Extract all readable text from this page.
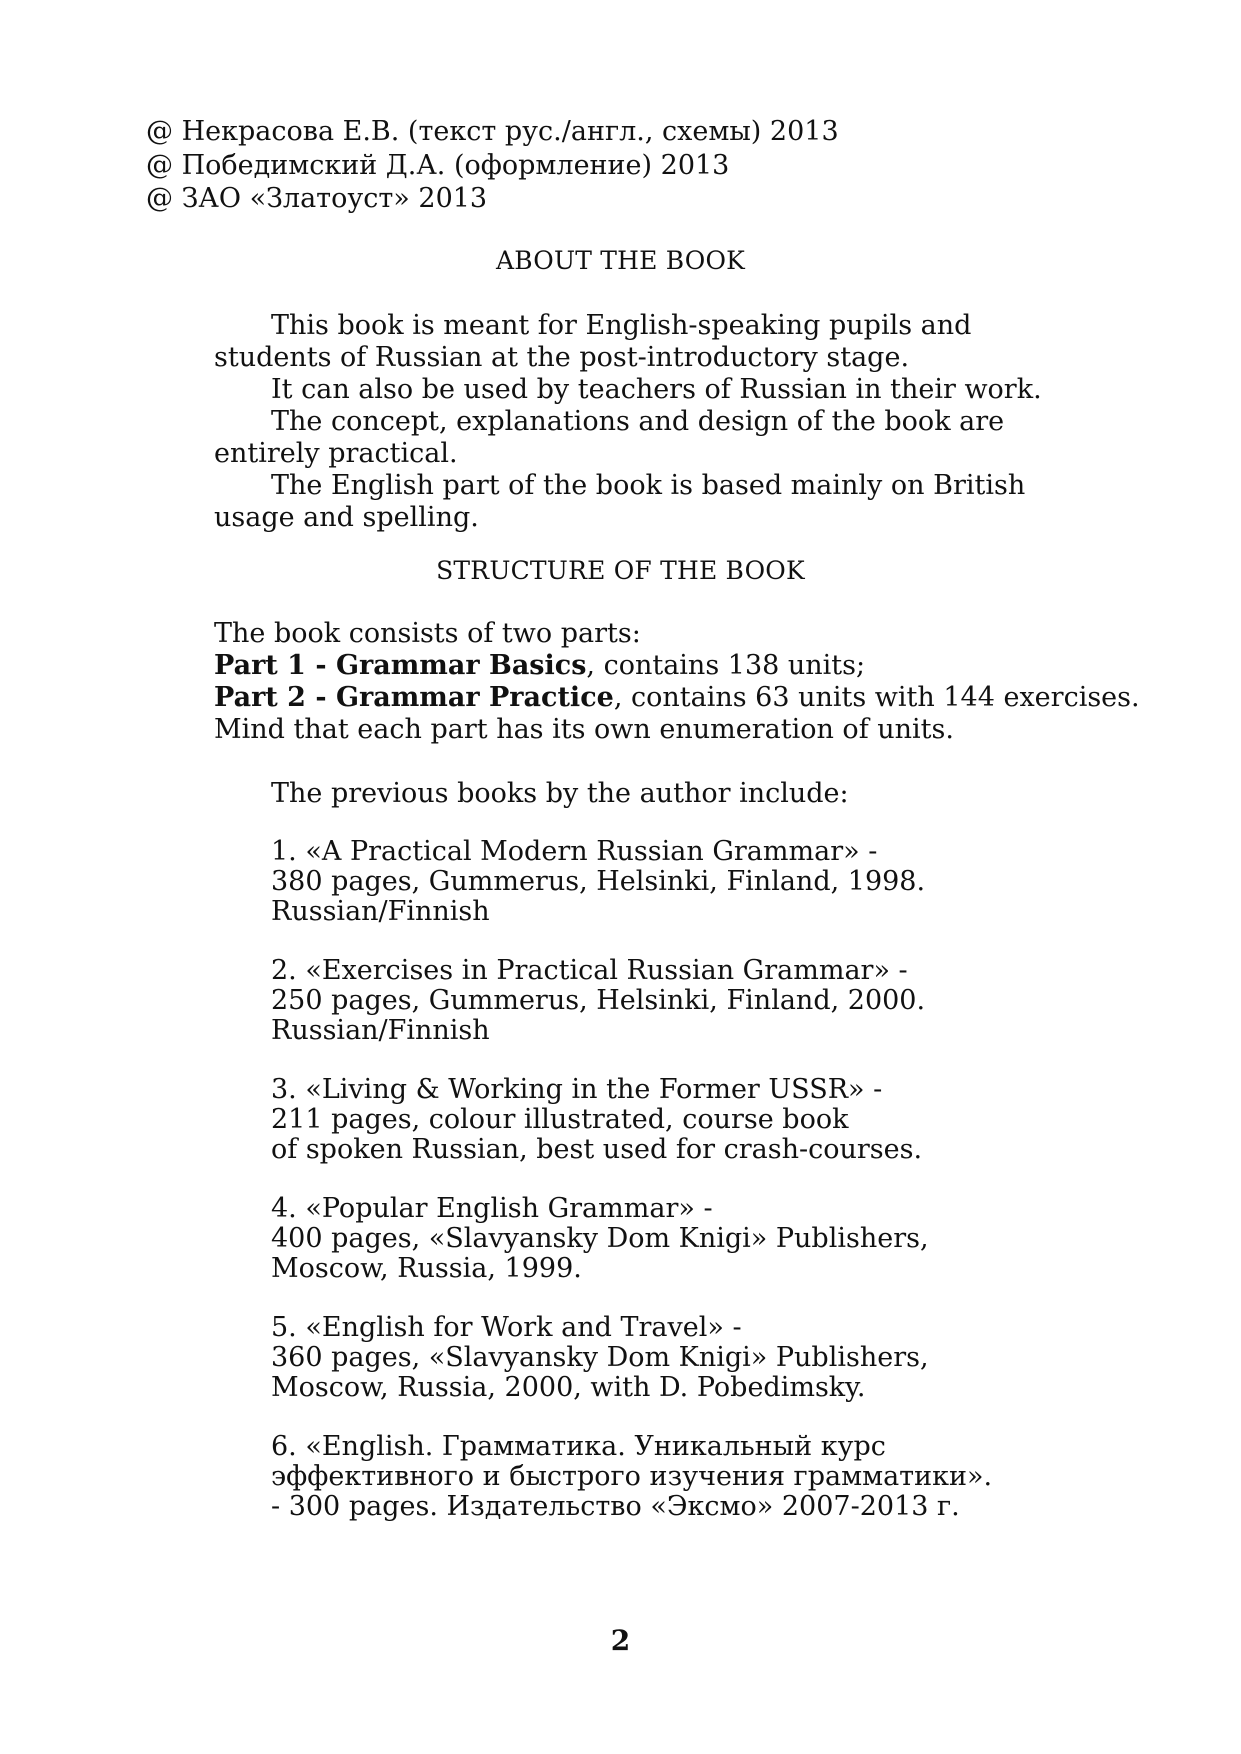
@ Некрасова Е.В. (текст рус./англ., схемы) 2013
@ Победимский Д.А. (оформление) 2013
@ ЗАО «Златоуст» 2013
ABOUT THE BOOK
This book is meant for English-speaking pupils and
students of Russian at the post-introductory stage.
It can also be used by teachers of Russian in their work.
The concept, explanations and design of the book are
entirely practical.
The English part of the book is based mainly on British
usage and spelling.
STRUCTURE OF THE BOOK
The book consists of two parts:
Part 1 - Grammar Basics, contains 138 units;
Part 2 - Grammar Practice, contains 63 units with 144 exercises.
Mind that each part has its own enumeration of units.
The previous books by the author include:
1. «A Practical Modern Russian Grammar» -
380 pages, Gummerus, Helsinki, Finland, 1998.
Russian/Finnish
2. «Exercises in Practical Russian Grammar» -
250 pages, Gummerus, Helsinki, Finland, 2000.
Russian/Finnish
3. «Living & Working in the Former USSR» -
211 pages, colour illustrated, course book
of spoken Russian, best used for crash-courses.
4. «Popular English Grammar» -
400 pages, «Slavyansky Dom Knigi» Publishers,
Moscow, Russia, 1999.
5. «English for Work and Travel» -
360 pages, «Slavyansky Dom Knigi» Publishers,
Moscow, Russia, 2000, with D. Pobedimsky.
6. «English. Грамматика. Уникальный курс
эффективного и быстрого изучения грамматики».
- 300 pages. Издательство «Эксмо» 2007-2013 г.
2
